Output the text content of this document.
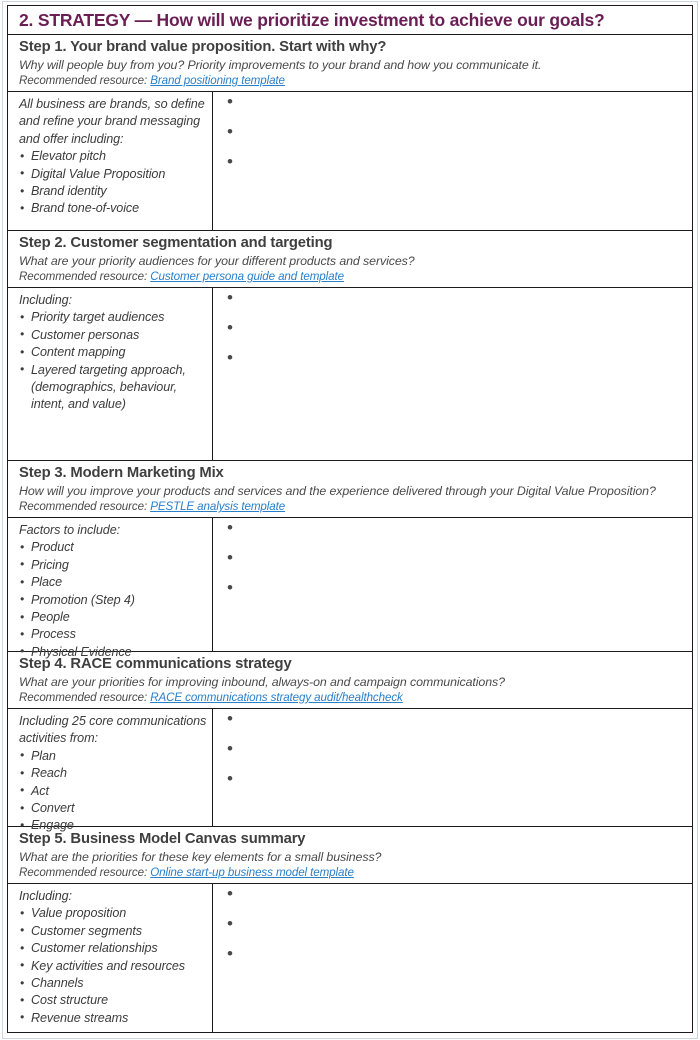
2. STRATEGY — How will we prioritize investment to achieve our goals?
Step 1. Your brand value proposition. Start with why?
Why will people buy from you? Priority improvements to your brand and how you communicate it.
Recommended resource: Brand positioning template
All business are brands, so define and refine your brand messaging and offer including:
• Elevator pitch
• Digital Value Proposition
• Brand identity
• Brand tone-of-voice
•
•
•
Step 2. Customer segmentation and targeting
What are your priority audiences for your different products and services?
Recommended resource: Customer persona guide and template
Including:
• Priority target audiences
• Customer personas
• Content mapping
• Layered targeting approach, (demographics, behaviour, intent, and value)
•
•
•
Step 3. Modern Marketing Mix
How will you improve your products and services and the experience delivered through your Digital Value Proposition?
Recommended resource: PESTLE analysis template
Factors to include:
• Product
• Pricing
• Place
• Promotion (Step 4)
• People
• Process
• Physical Evidence
•
•
•
Step 4. RACE communications strategy
What are your priorities for improving inbound, always-on and campaign communications?
Recommended resource: RACE communications strategy audit/healthcheck
Including 25 core communications activities from:
• Plan
• Reach
• Act
• Convert
• Engage
•
•
•
Step 5. Business Model Canvas summary
What are the priorities for these key elements for a small business?
Recommended resource: Online start-up business model template
Including:
• Value proposition
• Customer segments
• Customer relationships
• Key activities and resources
• Channels
• Cost structure
• Revenue streams
•
•
•
